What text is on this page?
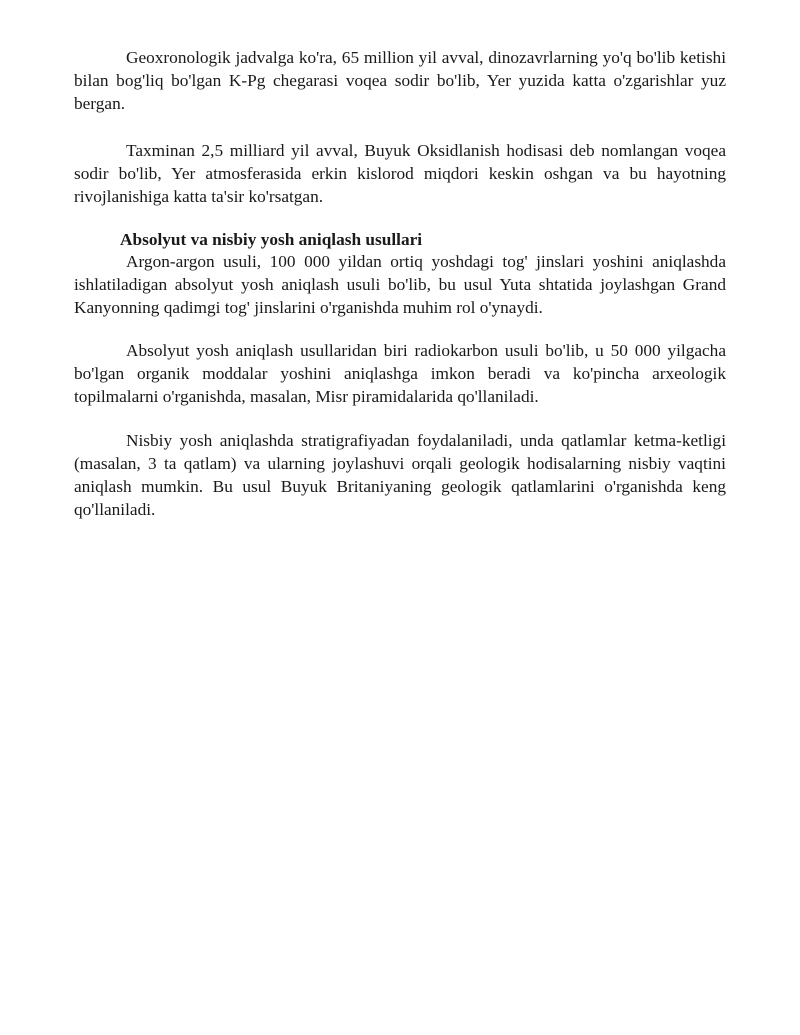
Geoxronologik jadvalga ko'ra, 65 million yil avval, dinozavrlarning yo'q bo'lib ketishi bilan bog'liq bo'lgan K-Pg chegarasi voqea sodir bo'lib, Yer yuzida katta o'zgarishlar yuz bergan.

Taxminan 2,5 milliard yil avval, Buyuk Oksidlanish hodisasi deb nomlangan voqea sodir bo'lib, Yer atmosferasida erkin kislorod miqdori keskin oshgan va bu hayotning rivojlanishiga katta ta'sir ko'rsatgan.

Absolyut va nisbiy yosh aniqlash usullari

Argon-argon usuli, 100 000 yildan ortiq yoshdagi tog' jinslari yoshini aniqlashda ishlatiladigan absolyut yosh aniqlash usuli bo'lib, bu usul Yuta shtatida joylashgan Grand Kanyonning qadimgi tog' jinslarini o'rganishda muhim rol o'ynaydi.

Absolyut yosh aniqlash usullaridan biri radiokarbon usuli bo'lib, u 50 000 yilgacha bo'lgan organik moddalar yoshini aniqlashga imkon beradi va ko'pincha arxeologik topilmalarni o'rganishda, masalan, Misr piramidalarida qo'llaniladi.

Nisbiy yosh aniqlashda stratigrafiyadan foydalaniladi, unda qatlamlar ketma-ketligi (masalan, 3 ta qatlam) va ularning joylashuvi orqali geologik hodisalarning nisbiy vaqtini aniqlash mumkin. Bu usul Buyuk Britaniyaning geologik qatlamlarini o'rganishda keng qo'llaniladi.
